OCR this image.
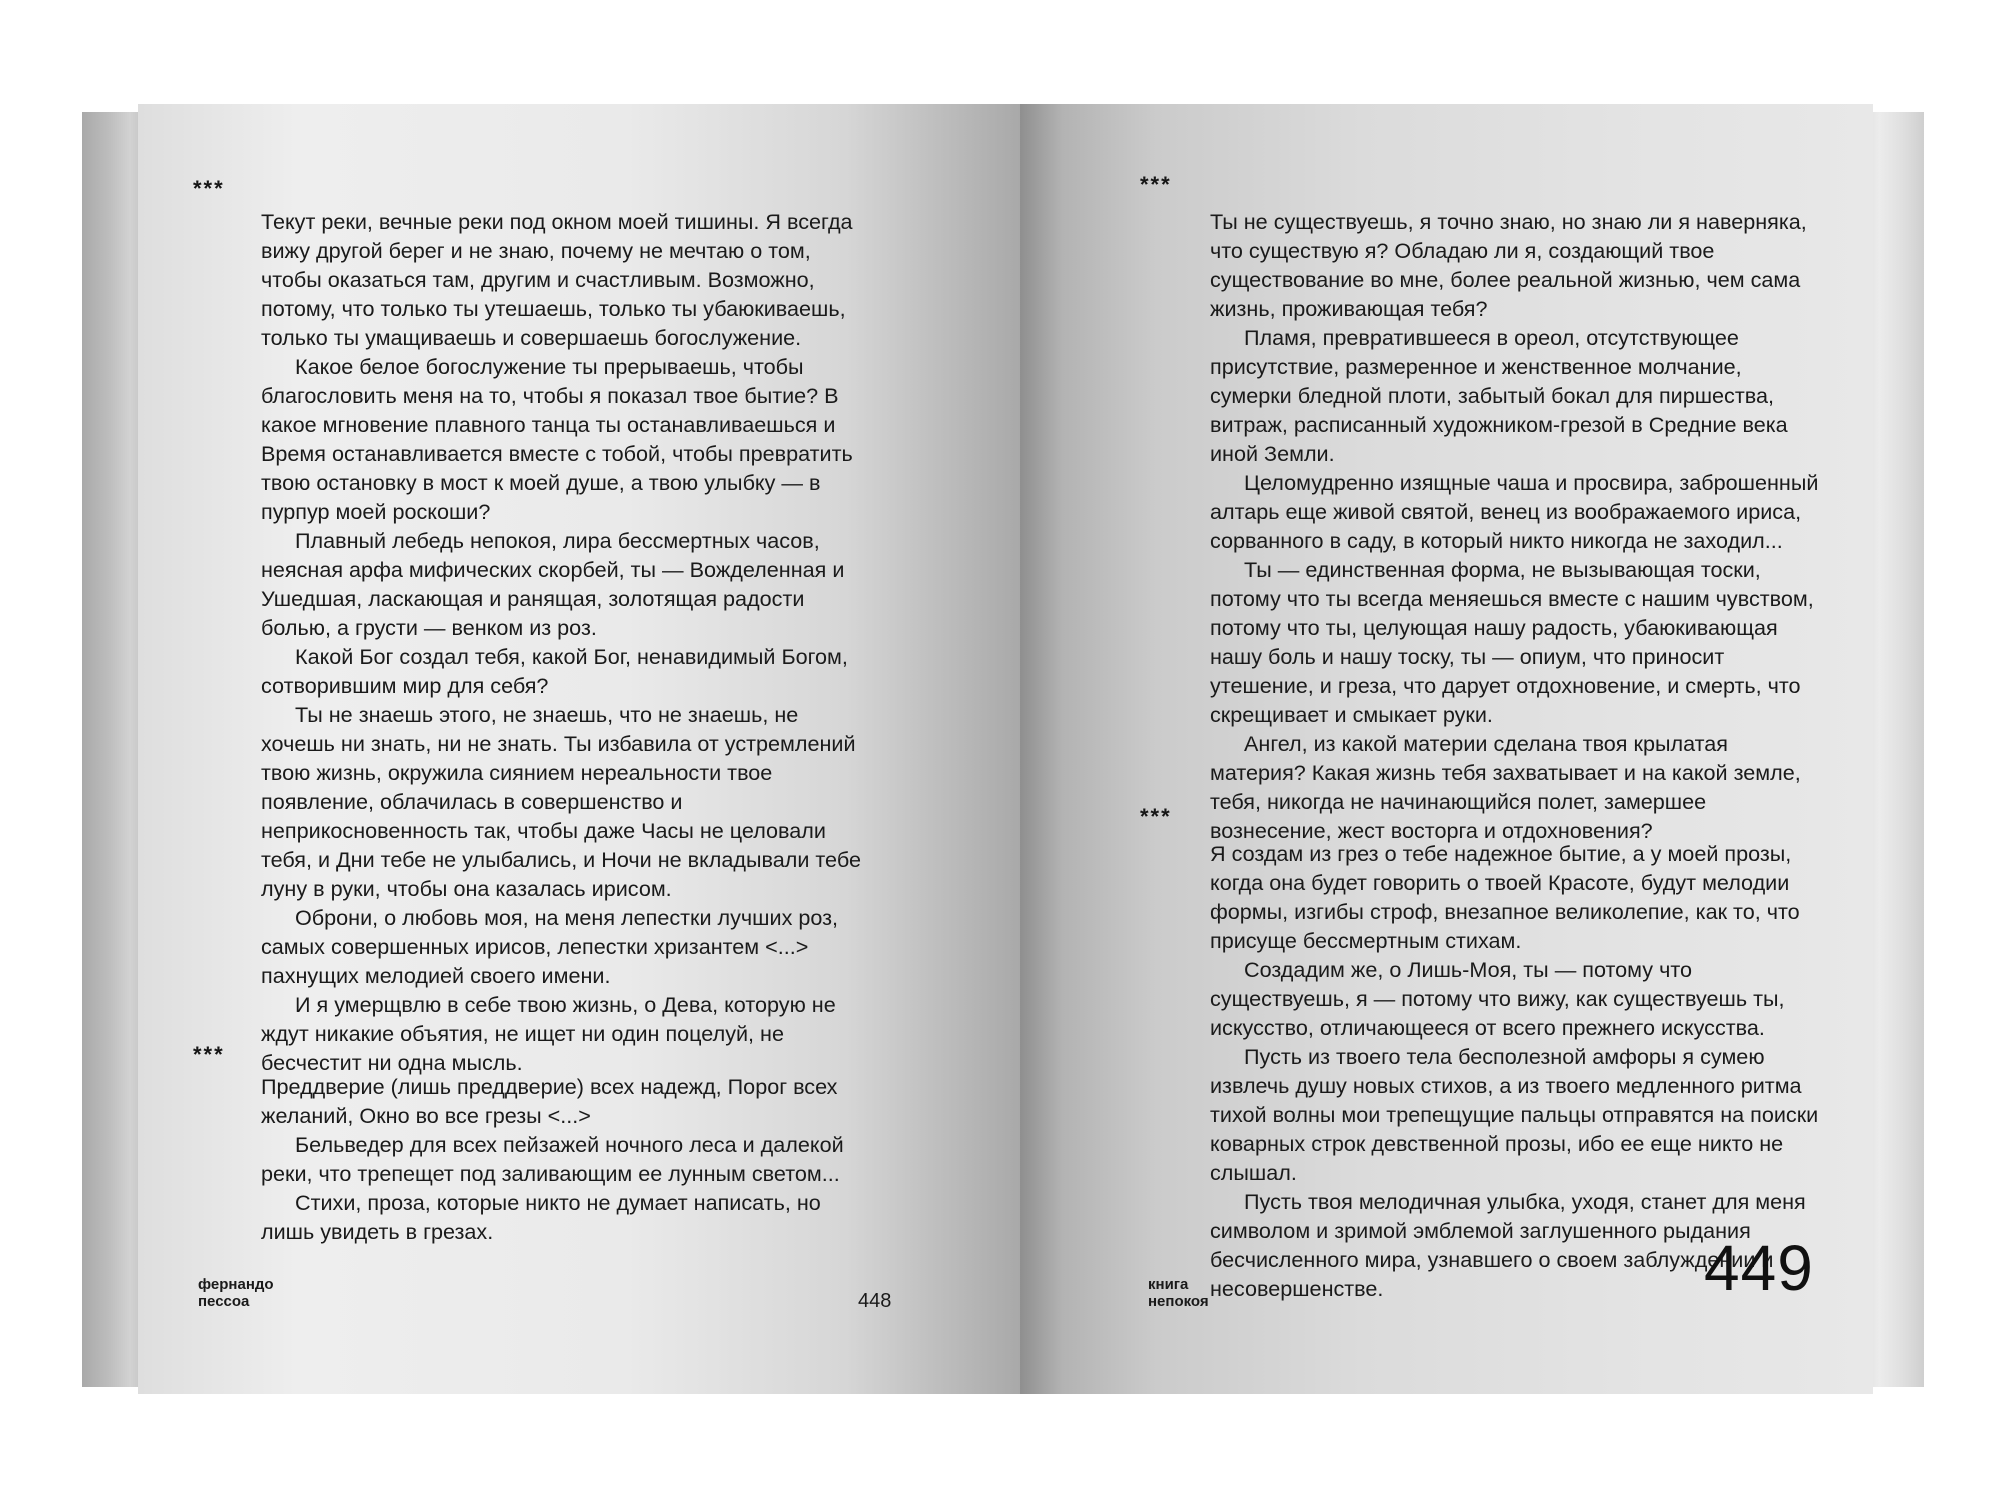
***

Текут реки, вечные реки под окном моей тишины. Я всегда вижу другой берег и не знаю, почему не мечтаю о том, чтобы оказаться там, другим и счастливым. Возможно, потому, что только ты утешаешь, только ты убаюкиваешь, только ты умащиваешь и совершаешь богослужение.

Какое белое богослужение ты прерываешь, чтобы благословить меня на то, чтобы я показал твое бытие? В какое мгновение плавного танца ты останавливаешься и Время останавливается вместе с тобой, чтобы превратить твою остановку в мост к моей душе, а твою улыбку — в пурпур моей роскоши?

Плавный лебедь непокоя, лира бессмертных часов, неясная арфа мифических скорбей, ты — Вожделенная и Ушедшая, ласкающая и ранящая, золотящая радости болью, а грусти — венком из роз.

Какой Бог создал тебя, какой Бог, ненавидимый Богом, сотворившим мир для себя?

Ты не знаешь этого, не знаешь, что не знаешь, не хочешь ни знать, ни не знать. Ты избавила от устремлений твою жизнь, окружила сиянием нереальности твое появление, облачилась в совершенство и неприкосновенность так, чтобы даже Часы не целовали тебя, и Дни тебе не улыбались, и Ночи не вкладывали тебе луну в руки, чтобы она казалась ирисом.

Оброни, о любовь моя, на меня лепестки лучших роз, самых совершенных ирисов, лепестки хризантем <...> пахнущих мелодией своего имени.

И я умерщвлю в себе твою жизнь, о Дева, которую не ждут никакие объятия, не ищет ни один поцелуй, не бесчестит ни одна мысль.

***

Преддверие (лишь преддверие) всех надежд, Порог всех желаний, Окно во все грезы <...>

Бельведер для всех пейзажей ночного леса и далекой реки, что трепещет под заливающим ее лунным светом...

Стихи, проза, которые никто не думает написать, но лишь увидеть в грезах.

фернандо
пессоа	448
***

Ты не существуешь, я точно знаю, но знаю ли я наверняка, что существую я? Обладаю ли я, создающий твое существование во мне, более реальной жизнью, чем сама жизнь, проживающая тебя?

Пламя, превратившееся в ореол, отсутствующее присутствие, размеренное и женственное молчание, сумерки бледной плоти, забытый бокал для пиршества, витраж, расписанный художником-грезой в Средние века иной Земли.

Целомудренно изящные чаша и просвира, заброшенный алтарь еще живой святой, венец из воображаемого ириса, сорванного в саду, в который никто никогда не заходил...

Ты — единственная форма, не вызывающая тоски, потому что ты всегда меняешься вместе с нашим чувством, потому что ты, целующая нашу радость, убаюкивающая нашу боль и нашу тоску, ты — опиум, что приносит утешение, и греза, что дарует отдохновение, и смерть, что скрещивает и смыкает руки.

Ангел, из какой материи сделана твоя крылатая материя? Какая жизнь тебя захватывает и на какой земле, тебя, никогда не начинающийся полет, замершее вознесение, жест восторга и отдохновения?

***

Я создам из грез о тебе надежное бытие, а у моей прозы, когда она будет говорить о твоей Красоте, будут мелодии формы, изгибы строф, внезапное великолепие, как то, что присуще бессмертным стихам.

Создадим же, о Лишь-Моя, ты — потому что существуешь, я — потому что вижу, как существуешь ты, искусство, отличающееся от всего прежнего искусства.

Пусть из твоего тела бесполезной амфоры я сумею извлечь душу новых стихов, а из твоего медленного ритма тихой волны мои трепещущие пальцы отправятся на поиски коварных строк девственной прозы, ибо ее еще никто не слышал.

Пусть твоя мелодичная улыбка, уходя, станет для меня символом и зримой эмблемой заглушенного рыдания бесчисленного мира, узнавшего о своем заблуждении и несовершенстве.

книга
непокоя	449
